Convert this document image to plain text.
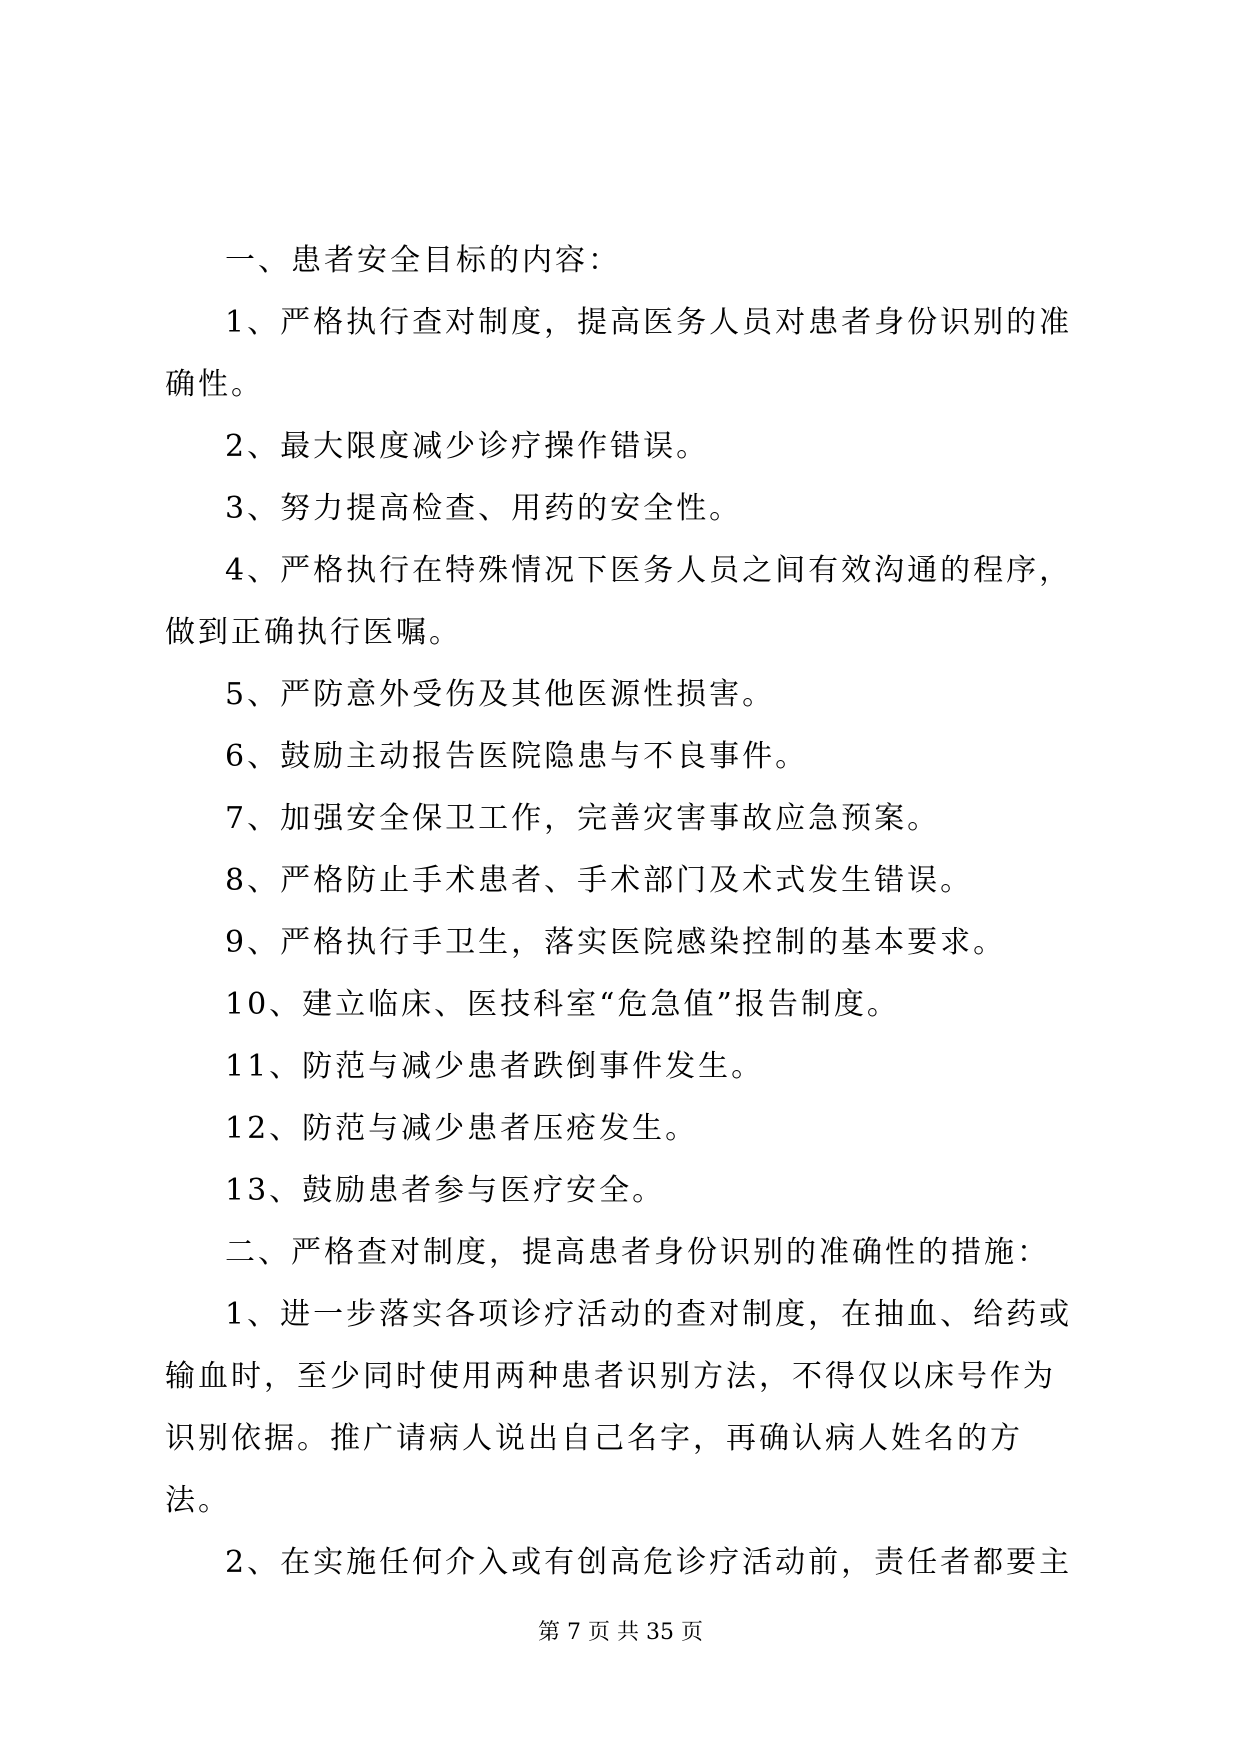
一、患者安全目标的内容：

1、严格执行查对制度，提高医务人员对患者身份识别的准确性。

2、最大限度减少诊疗操作错误。

3、努力提高检查、用药的安全性。

4、严格执行在特殊情况下医务人员之间有效沟通的程序，做到正确执行医嘱。

5、严防意外受伤及其他医源性损害。

6、鼓励主动报告医院隐患与不良事件。

7、加强安全保卫工作，完善灾害事故应急预案。

8、严格防止手术患者、手术部门及术式发生错误。

9、严格执行手卫生，落实医院感染控制的基本要求。

10、建立临床、医技科室“危急值”报告制度。

11、防范与减少患者跌倒事件发生。

12、防范与减少患者压疮发生。

13、鼓励患者参与医疗安全。

二、严格查对制度，提高患者身份识别的准确性的措施：

1、进一步落实各项诊疗活动的查对制度，在抽血、给药或输血时，至少同时使用两种患者识别方法，不得仅以床号作为识别依据。推广请病人说出自己名字，再确认病人姓名的方法。

2、在实施任何介入或有创高危诊疗活动前，责任者都要主

第 7 页 共 35 页
